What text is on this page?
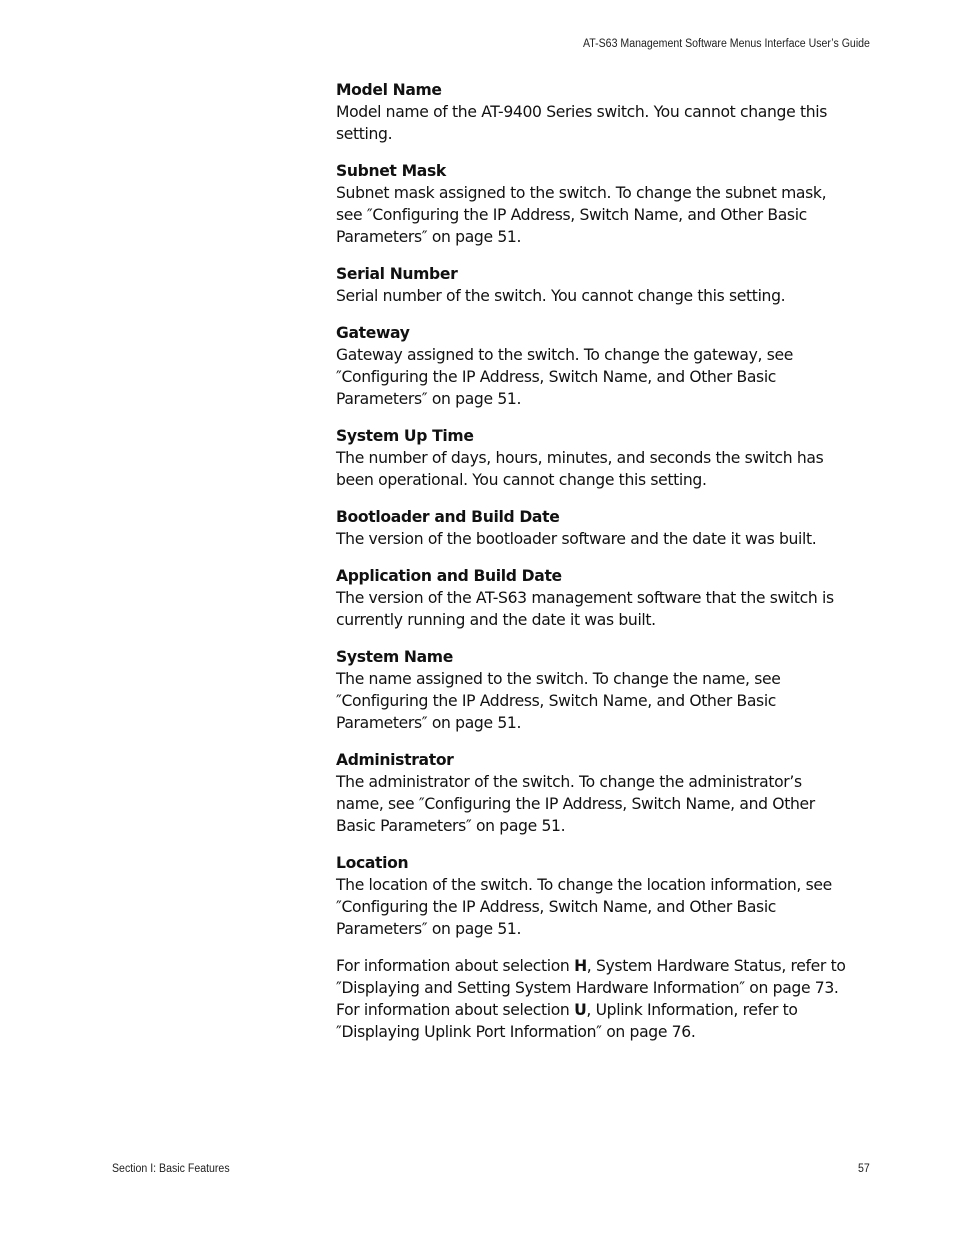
AT-S63 Management Software Menus Interface User’s Guide
Model Name
Model name of the AT-9400 Series switch. You cannot change this setting.
Subnet Mask
Subnet mask assigned to the switch. To change the subnet mask, see ″Configuring the IP Address, Switch Name, and Other Basic Parameters″ on page 51.
Serial Number
Serial number of the switch. You cannot change this setting.
Gateway
Gateway assigned to the switch. To change the gateway, see ″Configuring the IP Address, Switch Name, and Other Basic Parameters″ on page 51.
System Up Time
The number of days, hours, minutes, and seconds the switch has been operational. You cannot change this setting.
Bootloader and Build Date
The version of the bootloader software and the date it was built.
Application and Build Date
The version of the AT-S63 management software that the switch is currently running and the date it was built.
System Name
The name assigned to the switch. To change the name, see ″Configuring the IP Address, Switch Name, and Other Basic Parameters″ on page 51.
Administrator
The administrator of the switch. To change the administrator’s name, see ″Configuring the IP Address, Switch Name, and Other Basic Parameters″ on page 51.
Location
The location of the switch. To change the location information, see ″Configuring the IP Address, Switch Name, and Other Basic Parameters″ on page 51.

For information about selection H, System Hardware Status, refer to ″Displaying and Setting System Hardware Information″ on page 73. For information about selection U, Uplink Information, refer to ″Displaying Uplink Port Information″ on page 76.

Section I: Basic Features	57
